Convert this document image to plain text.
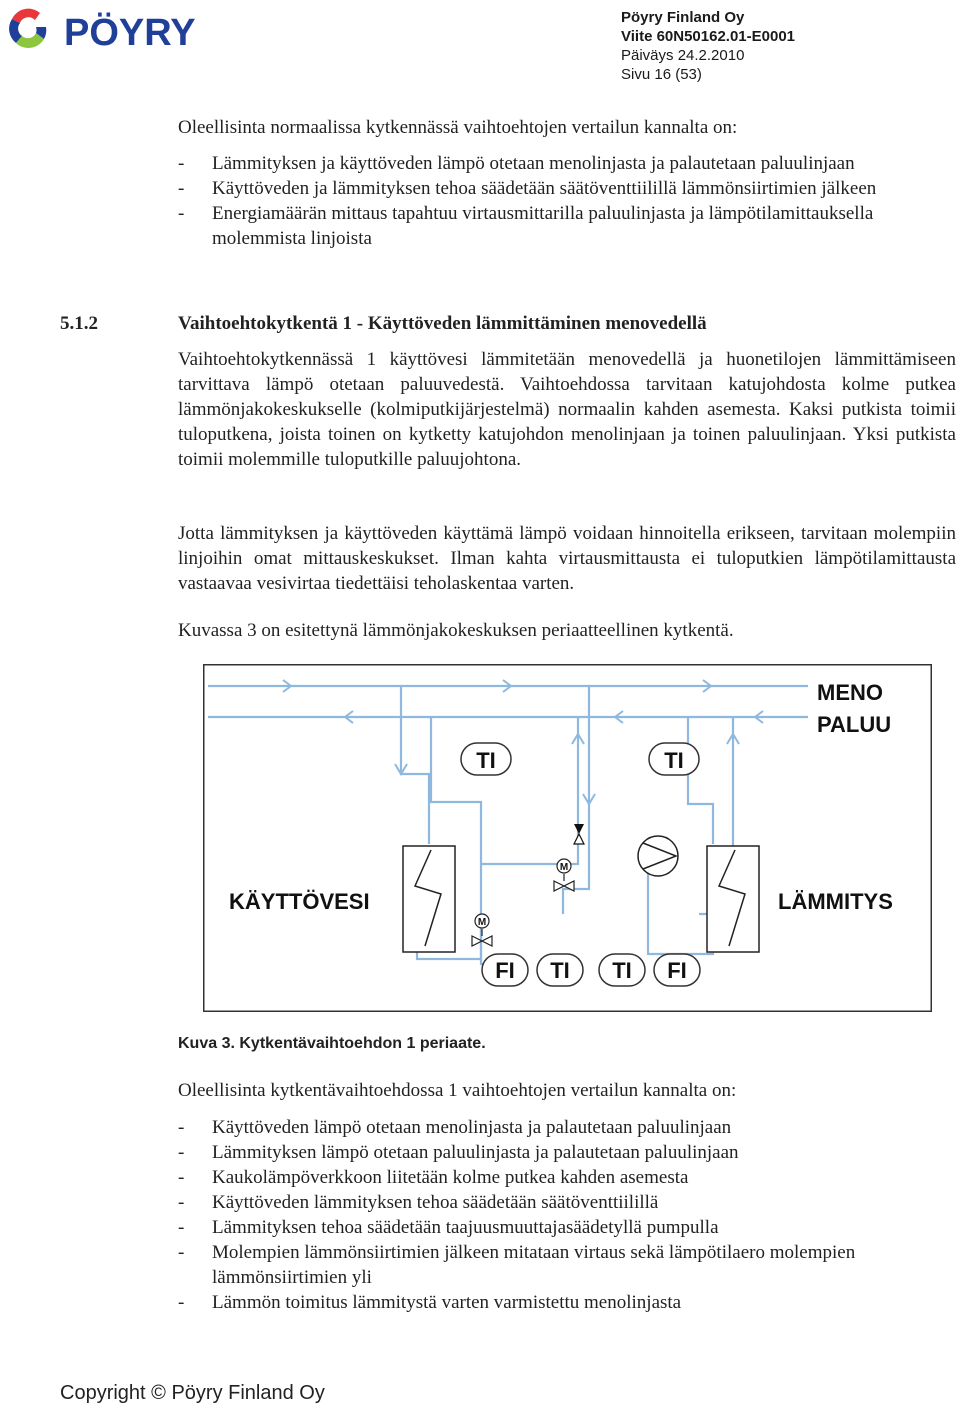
PÖYRY	Pöyry Finland Oy
Viite 60N50162.01-E0001
Päiväys 24.2.2010
Sivu 16 (53)
Oleellisinta normaalissa kytkennässä vaihtoehtojen vertailun kannalta on:
- Lämmityksen ja käyttöveden lämpö otetaan menolinjasta ja palautetaan paluulinjaan
- Käyttöveden ja lämmityksen tehoa säädetään säätöventtiilillä lämmönsiirtimien jälkeen
- Energiamäärän mittaus tapahtuu virtausmittarilla paluulinjasta ja lämpötilamittauksella molemmista linjoista
5.1.2	Vaihtoehtokytkentä 1 - Käyttöveden lämmittäminen menovedellä
Vaihtoehtokytkennässä 1 käyttövesi lämmitetään menovedellä ja huonetilojen lämmittämiseen tarvittava lämpö otetaan paluuvedestä. Vaihtoehdossa tarvitaan katujohdosta kolme putkea lämmönjakokeskukselle (kolmiputkijärjestelmä) normaalin kahden asemesta. Kaksi putkista toimii tuloputkena, joista toinen on kytketty katujohdon menolinjaan ja toinen paluulinjaan. Yksi putkista toimii molemmille tuloputkille paluujohtona.
Jotta lämmityksen ja käyttöveden käyttämä lämpö voidaan hinnoitella erikseen, tarvitaan molempiin linjoihin omat mittauskeskukset. Ilman kahta virtausmittausta ei tuloputkien lämpötilamittausta vastaavaa vesivirtaa tiedettäisi teholaskentaa varten.
Kuvassa 3 on esitettynä lämmönjakokeskuksen periaatteellinen kytkentä.
MENO
PALUU
TI	TI
M
M
KÄYTTÖVESI	LÄMMITYS
FI TI TI FI
Kuva 3. Kytkentävaihtoehdon 1 periaate.
Oleellisinta kytkentävaihtoehdossa 1 vaihtoehtojen vertailun kannalta on:
- Käyttöveden lämpö otetaan menolinjasta ja palautetaan paluulinjaan
- Lämmityksen lämpö otetaan paluulinjasta ja palautetaan paluulinjaan
- Kaukolämpöverkkoon liitetään kolme putkea kahden asemesta
- Käyttöveden lämmityksen tehoa säädetään säätöventtiilillä
- Lämmityksen tehoa säädetään taajuusmuuttajasäädetyllä pumpulla
- Molempien lämmönsiirtimien jälkeen mitataan virtaus sekä lämpötilaero molempien lämmönsiirtimien yli
- Lämmön toimitus lämmitystä varten varmistettu menolinjasta
Copyright © Pöyry Finland Oy
